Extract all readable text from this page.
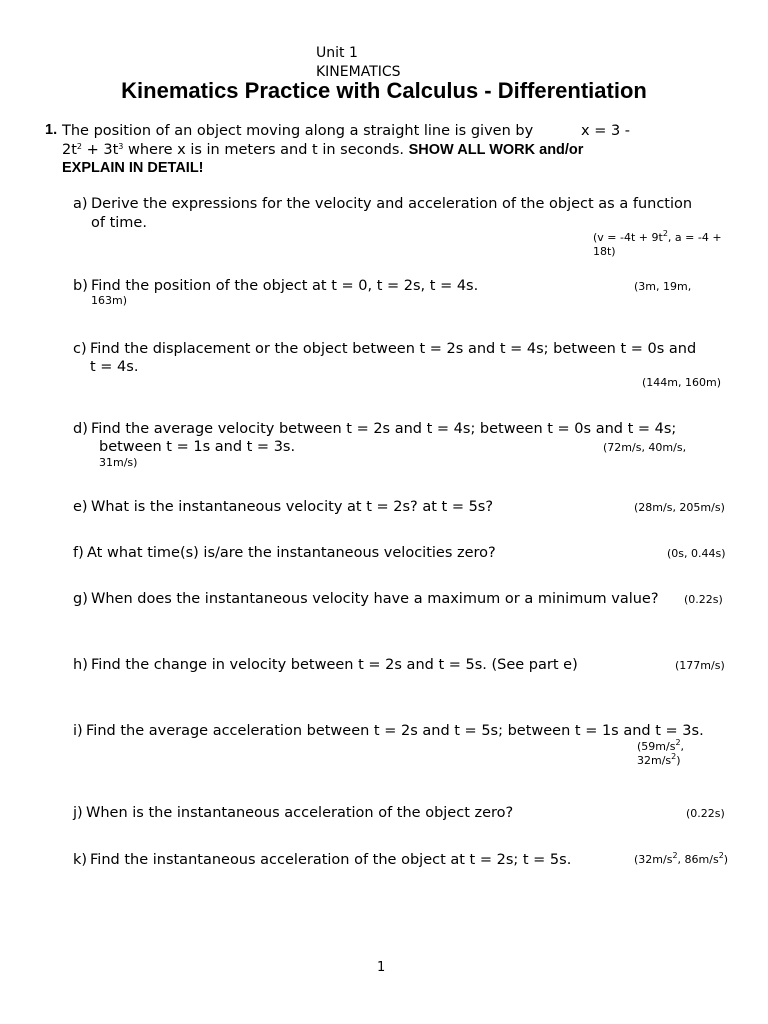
Unit 1
KINEMATICS
Kinematics Practice with Calculus - Differentiation
1. The position of an object moving along a straight line is given by	x = 3 -
$2t^2 + 3t^3$ where x is in meters and t in seconds. SHOW ALL WORK and/or
EXPLAIN IN DETAIL!
a) Derive the expressions for the velocity and acceleration of the object as a function
of time.
($v = -4t + 9t^2$, a = -4 +
18t)
b) Find the position of the object at t = 0, t = 2s, t = 4s.	(3m, 19m,
163m)
c) Find the displacement or the object between t = 2s and t = 4s; between t = 0s and
t = 4s.
(144m, 160m)
d) Find the average velocity between t = 2s and t = 4s; between t = 0s and t = 4s;
between t = 1s and t = 3s.	(72m/s, 40m/s,
31m/s)
e) What is the instantaneous velocity at t = 2s? at t = 5s?	(28m/s, 205m/s)
f) At what time(s) is/are the instantaneous velocities zero?	(0s, 0.44s)
g) When does the instantaneous velocity have a maximum or a minimum value? (0.22s)
h) Find the change in velocity between t = 2s and t = 5s. (See part e)	(177m/s)
i) Find the average acceleration between t = 2s and t = 5s; between t = 1s and t = 3s.
($59m/s^2$,
$32m/s^2$)
j) When is the instantaneous acceleration of the object zero?	(0.22s)
k) Find the instantaneous acceleration of the object at t = 2s; t = 5s.	($32m/s^2$, $86m/s^2$)
1
